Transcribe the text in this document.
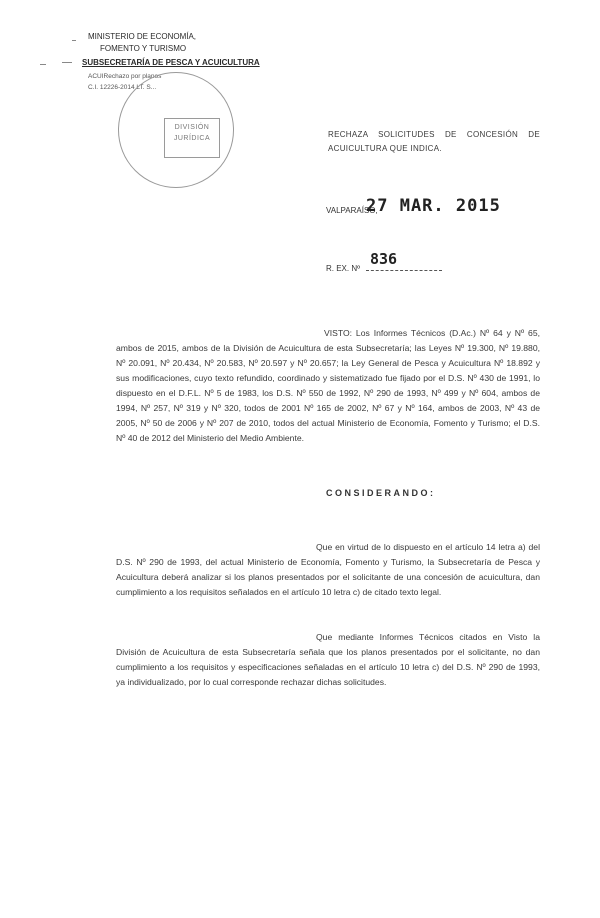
MINISTERIO DE ECONOMÍA,
FOMENTO Y TURISMO
SUBSECRETARÍA DE PESCA Y ACUICULTURA
ACUIRechazo por planos
C.I. 12226-2014 LT. S...
DIVISIÓN
JURÍDICA	RECHAZA SOLICITUDES DE CONCESIÓN DE ACUICULTURA QUE INDICA.
VALPARAÍSO,
27 MAR. 2015
R. EX. Nº
836
VISTO: Los Informes Técnicos (D.Ac.) Nº 64 y Nº 65, ambos de 2015, ambos de la División de Acuicultura de esta Subsecretaría; las Leyes Nº 19.300, Nº 19.880, Nº 20.091, Nº 20.434, Nº 20.583, Nº 20.597 y Nº 20.657; la Ley General de Pesca y Acuicultura Nº 18.892 y sus modificaciones, cuyo texto refundido, coordinado y sistematizado fue fijado por el D.S. Nº 430 de 1991, lo dispuesto en el D.F.L. Nº 5 de 1983, los D.S. Nº 550 de 1992, Nº 290 de 1993, Nº 499 y Nº 604, ambos de 1994, Nº 257, Nº 319 y Nº 320, todos de 2001 Nº 165 de 2002, Nº 67 y Nº 164, ambos de 2003, Nº 43 de 2005, Nº 50 de 2006 y Nº 207 de 2010, todos del actual Ministerio de Economía, Fomento y Turismo; el D.S. Nº 40 de 2012 del Ministerio del Medio Ambiente.
CONSIDERANDO:
Que en virtud de lo dispuesto en el artículo 14 letra a) del D.S. Nº 290 de 1993, del actual Ministerio de Economía, Fomento y Turismo, la Subsecretaría de Pesca y Acuicultura deberá analizar si los planos presentados por el solicitante de una concesión de acuicultura, dan cumplimiento a los requisitos señalados en el artículo 10 letra c) de citado texto legal.
Que mediante Informes Técnicos citados en Visto la División de Acuicultura de esta Subsecretaría señala que los planos presentados por el solicitante, no dan cumplimiento a los requisitos y especificaciones señaladas en el artículo 10 letra c) del D.S. Nº 290 de 1993, ya individualizado, por lo cual corresponde rechazar dichas solicitudes.
